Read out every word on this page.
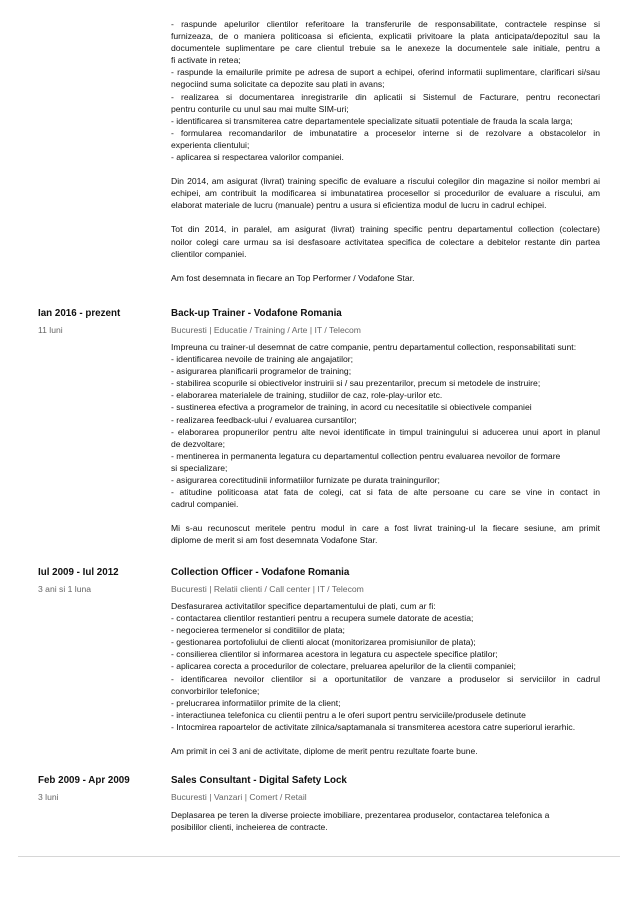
- raspunde apelurilor clientilor referitoare la transferurile de responsabilitate, contractele respinse si
furnizeaza, de o maniera politicoasa si eficienta, explicatii privitoare la plata anticipata/depozitul sau la
documentele suplimentare pe care clientul trebuie sa le anexeze la documentele sale initiale, pentru a
fi activate in retea;
- raspunde la emailurile primite pe adresa de suport a echipei, oferind informatii suplimentare, clarificari si/sau
negociind suma solicitate ca depozite sau plati in avans;
- realizarea si documentarea inregistrarile din aplicatii si Sistemul de Facturare, pentru reconectari
pentru conturile cu unul sau mai multe SIM-uri;
- identificarea si transmiterea catre departamentele specializate situatii potentiale de frauda la scala larga;
- formularea recomandarilor de imbunatatire a proceselor interne si de rezolvare a obstacolelor in
experienta clientului;
- aplicarea si respectarea valorilor companiei.
Din 2014, am asigurat (livrat) training specific de evaluare a riscului colegilor din magazine si noilor membri ai
echipei, am contribuit la modificarea si imbunatatirea procesellor si procedurilor de evaluare a riscului, am
elaborat materiale de lucru (manuale) pentru a usura si eficientiza modul de lucru in cadrul echipei.
Tot din 2014, in paralel, am asigurat (livrat) training specific pentru departamentul collection (colectare)
noilor colegi care urmau sa isi desfasoare activitatea specifica de colectare a debitelor restante din partea
clientilor companiei.
Am fost desemnata in fiecare an Top Performer / Vodafone Star.
Ian 2016 - prezent
11 luni
Back-up Trainer - Vodafone Romania
Bucuresti | Educatie / Training / Arte | IT / Telecom
Impreuna cu trainer-ul desemnat de catre companie, pentru departamentul collection, responsabilitati sunt:
- identificarea nevoile de training ale angajatilor;
- asigurarea planificarii programelor de training;
- stabilirea scopurile si obiectivelor instruirii si / sau prezentarilor, precum si metodele de instruire;
- elaborarea materialele de training, studiilor de caz, role-play-urilor etc.
- sustinerea efectiva a programelor de training, in acord cu necesitatile si obiectivele companiei
- realizarea feedback-ului / evaluarea cursantilor;
- elaborarea propunerilor pentru alte nevoi identificate in timpul trainingului si aducerea unui aport in planul
de dezvoltare;
- mentinerea in permanenta legatura cu departamentul collection pentru evaluarea nevoilor de formare
si specializare;
- asigurarea corectitudinii informatiilor furnizate pe durata trainingurilor;
- atitudine politicoasa atat fata de colegi, cat si fata de alte persoane cu care se vine in contact in
cadrul companiei.
Mi s-au recunoscut meritele pentru modul in care a fost livrat training-ul la fiecare sesiune, am primit
diplome de merit si am fost desemnata Vodafone Star.
Iul 2009 - Iul 2012
3 ani si 1 luna
Collection Officer - Vodafone Romania
Bucuresti | Relatii clienti / Call center | IT / Telecom
Desfasurarea activitatilor specifice departamentului de plati, cum ar fi:
- contactarea clientilor restantieri pentru a recupera sumele datorate de acestia;
- negocierea termenelor si conditiilor de plata;
- gestionarea portofoliului de clienti alocat (monitorizarea promisiunilor de plata);
- consilierea clientilor si informarea acestora in legatura cu aspectele specifice platilor;
- aplicarea corecta a procedurilor de colectare, preluarea apelurilor de la clientii companiei;
- identificarea nevoilor clientilor si a oportunitatilor de vanzare a produselor si serviciilor in cadrul
convorbirilor telefonice;
- prelucrarea informatiilor primite de la client;
- interactiunea telefonica cu clientii pentru a le oferi suport pentru serviciile/produsele detinute
- Intocmirea rapoartelor de activitate zilnica/saptamanala si transmiterea acestora catre superiorul ierarhic.
Am primit in cei 3 ani de activitate, diplome de merit pentru rezultate foarte bune.
Feb 2009 - Apr 2009
3 luni
Sales Consultant - Digital Safety Lock
Bucuresti | Vanzari | Comert / Retail
Deplasarea pe teren la diverse proiecte imobiliare, prezentarea produselor, contactarea telefonica a
posibililor clienti, incheierea de contracte.
